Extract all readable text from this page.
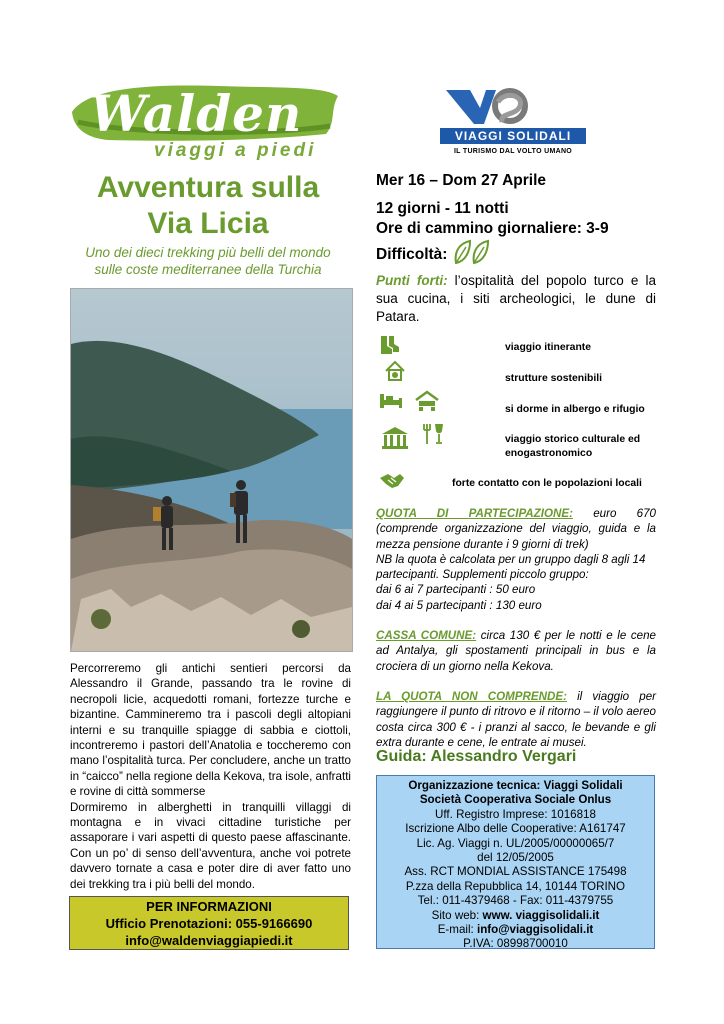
Walden
viaggi a piedi
VIAGGI SOLIDALI
IL TURISMO DAL VOLTO UMANO
Avventura sulla
Via Licia
Uno dei dieci trekking più belli del mondo sulle coste mediterranee della Turchia

Percorreremo gli antichi sentieri percorsi da Alessandro il Grande, passando tra le rovine di necropoli licie, acquedotti romani, fortezze turche e bizantine. Cammineremo tra i pascoli degli altopiani interni e su tranquille spiagge di sabbia e ciottoli, incontreremo i pastori dell’Anatolia e toccheremo con mano l’ospitalità turca. Per concludere, anche un tratto in “caicco” nella regione della Kekova, tra isole, anfratti e rovine di città sommerse

Dormiremo in alberghetti in tranquilli villaggi di montagna e in vivaci cittadine turistiche per assaporare i vari aspetti di questo paese affascinante. Con un po’ di senso dell’avventura, anche voi potrete davvero tornate a casa e poter dire di aver fatto uno dei trekking tra i più belli del mondo.

PER INFORMAZIONI
Ufficio Prenotazioni: 055-9166690
info@waldenviaggiapiedi.it
Mer 16 – Dom 27 Aprile
12 giorni - 11 notti
Ore di cammino giornaliere: 3-9
Difficoltà:
Punti forti: l’ospitalità del popolo turco e la sua cucina, i siti archeologici, le dune di Patara.
viaggio itinerante
strutture sostenibili
si dorme in albergo e rifugio
viaggio storico culturale ed enogastronomico
forte contatto con le popolazioni locali

QUOTA DI PARTECIPAZIONE: euro 670

(comprende organizzazione del viaggio, guida e la mezza pensione durante i 9 giorni di trek)

NB la quota è calcolata per un gruppo dagli 8 agli 14 partecipanti. Supplementi piccolo gruppo:

dai 6 ai 7 partecipanti : 50 euro

dai 4 ai 5 partecipanti : 130 euro

CASSA COMUNE: circa 130 € per le notti e le cene ad Antalya, gli spostamenti principali in bus e la crociera di un giorno nella Kekova.

LA QUOTA NON COMPRENDE: il viaggio per raggiungere il punto di ritrovo e il ritorno – il volo aereo costa circa 300 € - i pranzi al sacco, le bevande e gli extra durante e cene, le entrate ai musei.

Guida: Alessandro Vergari
Organizzazione tecnica: Viaggi Solidali
Società Cooperativa Sociale Onlus
Uff. Registro Imprese: 1016818
Iscrizione Albo delle Cooperative: A161747
Lic. Ag. Viaggi n. UL/2005/00000065/7
del 12/05/2005
Ass. RCT MONDIAL ASSISTANCE 175498
P.zza della Repubblica 14, 10144 TORINO
Tel.: 011-4379468 - Fax: 011-4379755
Sito web: www. viaggisolidali.it
E-mail: info@viaggisolidali.it
P.IVA: 08998700010
